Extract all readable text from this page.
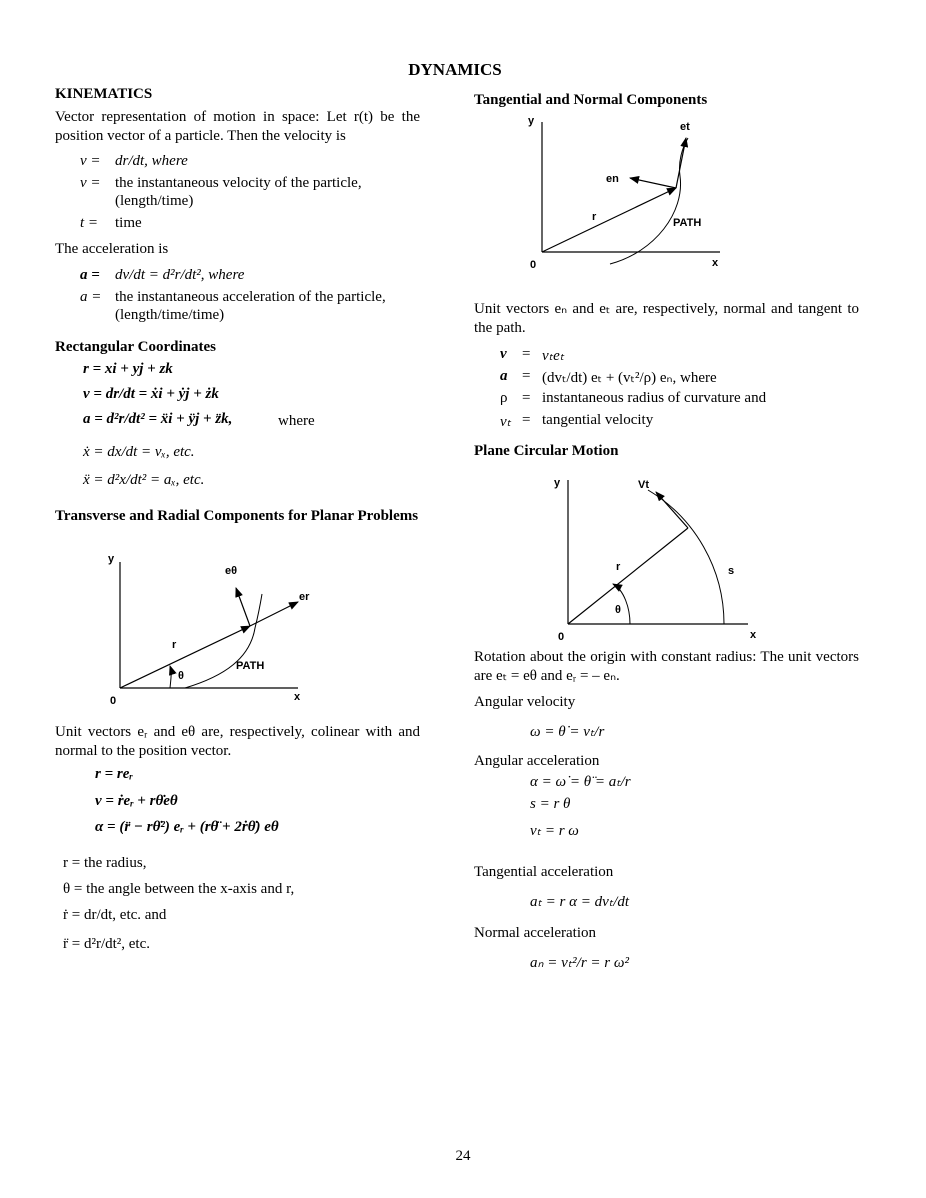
DYNAMICS
KINEMATICS

Vector representation of motion in space: Let r(t) be the position vector of a particle. Then the velocity is

v = dr/dt, where
v = the instantaneous velocity of the particle,
(length/time)
t = time
The acceleration is
a = dv/dt = d²r/dt², where
a = the instantaneous acceleration of the particle,
(length/time/time)
Rectangular Coordinates
r = xi + yj + zk
v = dr/dt = ẋi + ẏj + żk
a = d²r/dt² = ẍi + ÿj + z̈k,	where
ẋ = dx/dt = vₓ, etc.
ẍ = d²x/dt² = aₓ, etc.
Transverse and Radial Components for Planar Problems
y
x
0
r
θ
PATH
eθ
er

Unit vectors eᵣ and eθ are, respectively, colinear with and normal to the position vector.

r = reᵣ
v = ṙeᵣ + rθ̇eθ
α = (r̈ − rθ̇²) eᵣ + (rθ̈ + 2ṙθ̇) eθ
r = the radius,
θ = the angle between the x-axis and r,
ṙ = dr/dt, etc. and
r̈ = d²r/dt², etc.
Tangential and Normal Components
y
x
0
r	PATH
en
et

Unit vectors eₙ and eₜ are, respectively, normal and tangent to the path.

v = vₜeₜ
a = (dvₜ/dt) eₜ + (vₜ²/ρ) eₙ, where
ρ = instantaneous radius of curvature and
vₜ = tangential velocity
Plane Circular Motion
y
x
0
r
θ
s
Vt

Rotation about the origin with constant radius: The unit vectors are eₜ = eθ and eᵣ = – eₙ.

Angular velocity
ω = θ̇ = vₜ/r
Angular acceleration
α = ω̇ = θ̈ = aₜ/r
s = r θ
vₜ = r ω
Tangential acceleration
aₜ = r α = dvₜ/dt
Normal acceleration
aₙ = vₜ²/r = r ω²
24
